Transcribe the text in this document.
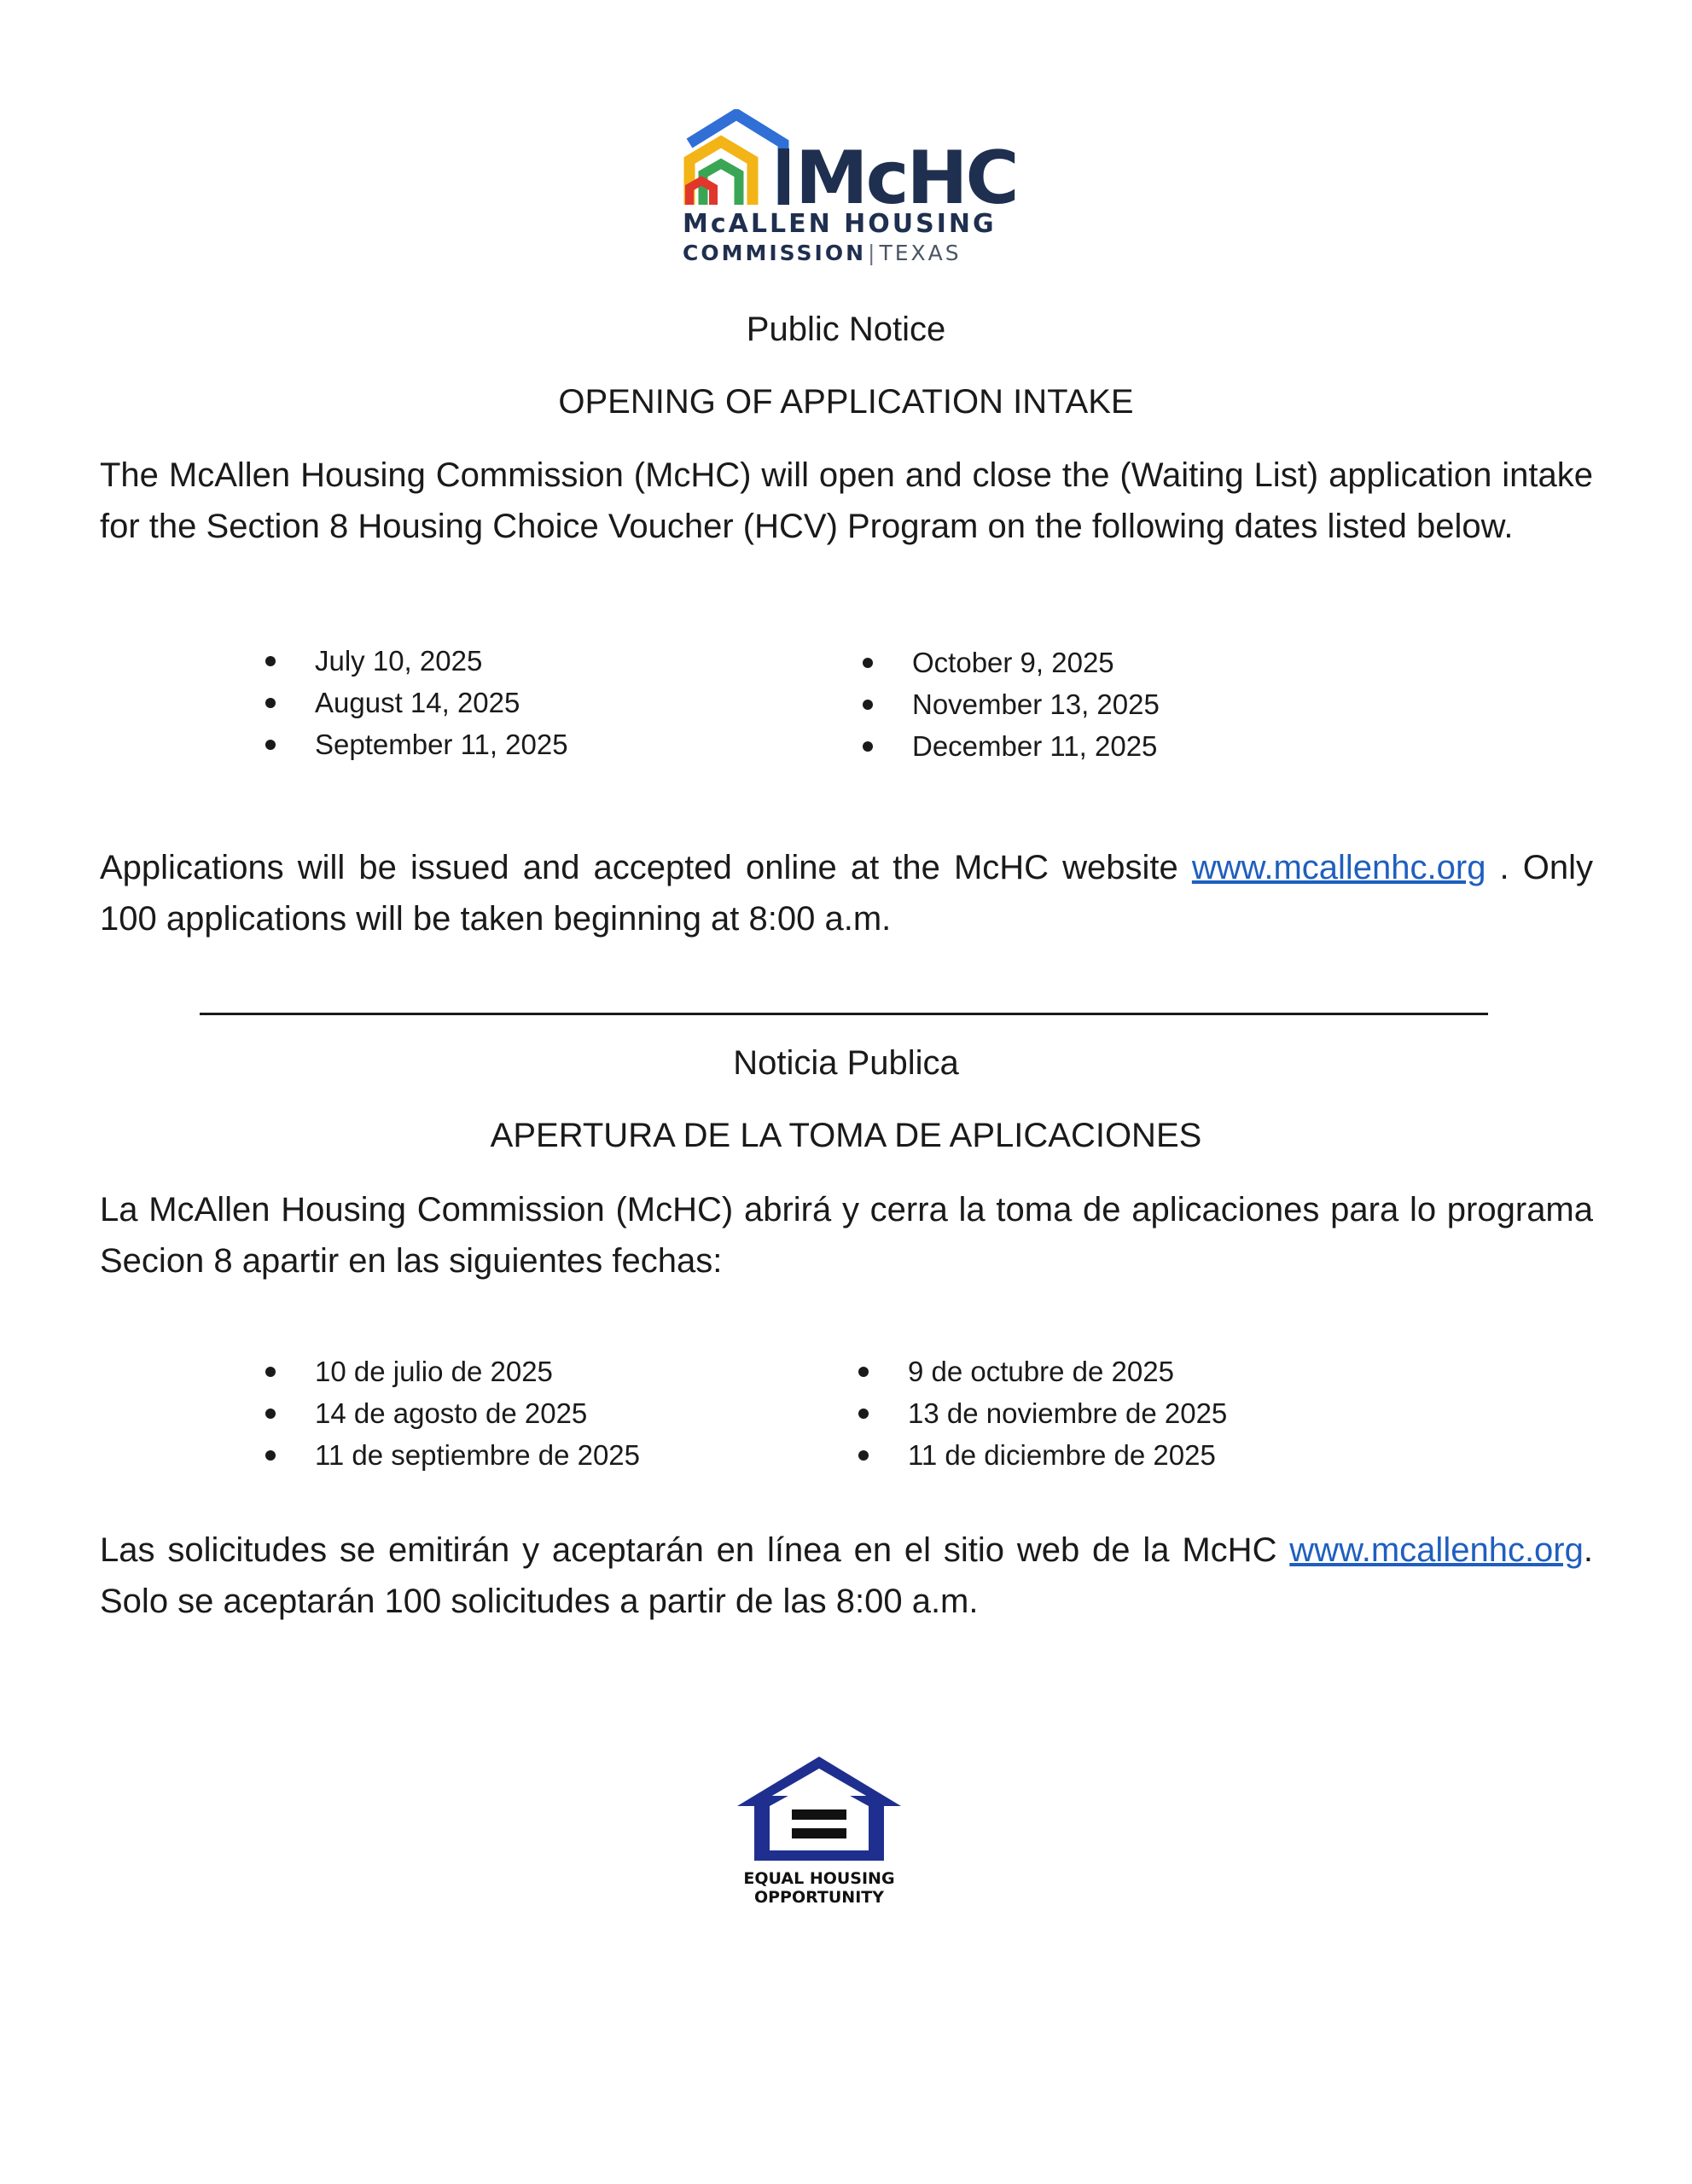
McHC
McALLEN HOUSING
COMMISSION|TEXAS
Public Notice
OPENING OF APPLICATION INTAKE
The McAllen Housing Commission (McHC) will open and close the (Waiting List) application intake for the Section 8 Housing Choice Voucher (HCV) Program on the following dates listed below.
July 10, 2025
August 14, 2025
September 11, 2025
October 9, 2025
November 13, 2025
December 11, 2025
Applications will be issued and accepted online at the McHC website www.mcallenhc.org . Only 100 applications will be taken beginning at 8:00 a.m.
Noticia Publica
APERTURA DE LA TOMA DE APLICACIONES
La McAllen Housing Commission (McHC) abrirá y cerra la toma de aplicaciones para lo programa Secion 8 apartir en las siguientes fechas:
10 de julio de 2025
14 de agosto de 2025
11 de septiembre de 2025
9 de octubre de 2025
13 de noviembre de 2025
11 de diciembre de 2025
Las solicitudes se emitirán y aceptarán en línea en el sitio web de la McHC www.mcallenhc.org. Solo se aceptarán 100 solicitudes a partir de las 8:00 a.m.
EQUAL HOUSING
OPPORTUNITY
